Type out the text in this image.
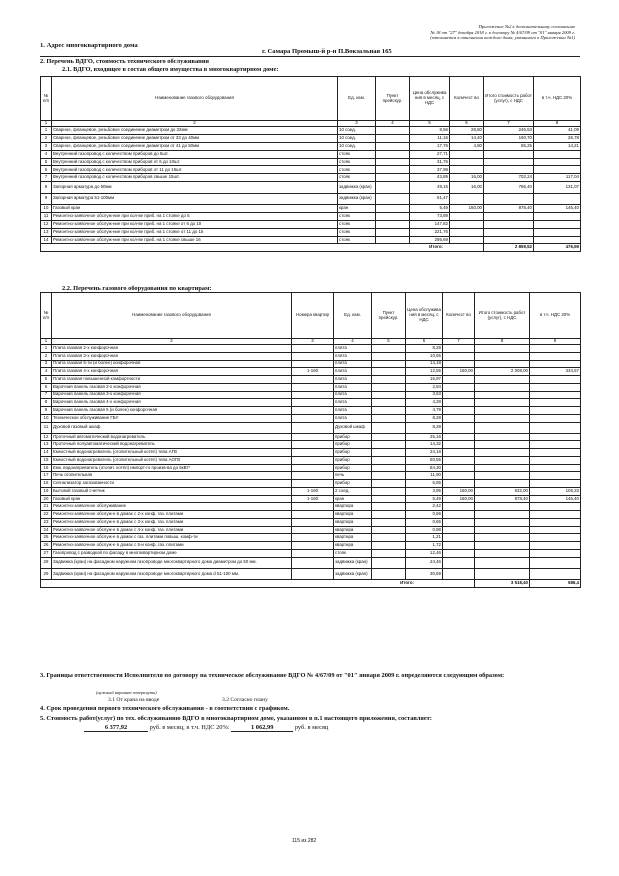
Приложение №2 к дополнительному соглашению
№ 18 от "27" декабря 2018 г. к договору № 4/67/09 от "01" января 2009 г.
(заполняется в отношении каждого дома, указанного в Приложении №1)
1. Адрес многоквартирного дома
г. Самара Промыш-й р-н П.Вокзальная 165
2. Перечень ВДГО, стоимость технического обслуживания
2.1. ВДГО, входящее в состав общего имущества в многоквартирном доме:
№ п/п	Наименование газового оборудования	Ед. изм.	Пункт прейскур.	Цена обслужива ния в месяц, с НДС	Количест во	Итого стоимость работ (услуг), с НДС	в т.ч. НДС 20%
1	2	3	4	5	6	7	8
1	Сварное, фланцевое, резьбовое соединение диаметром до 32мм	10 соед.		8,56	28,80	246,53	41,09
2	Сварное, фланцевое, резьбовое соединение диаметром от 33 до 40мм	10 соед.		11,16	14,40	160,70	26,78
3	Сварное, фланцевое, резьбовое соединение диаметром от 41 до 50мм	10 соед.		17,76	4,80	85,25	14,21
4	Внутренний газопровод с количеством приборов до 5шт.	стояк		27,71			
5	Внутренний газопровод с количеством приборов от 6 до 10шт.	стояк		31,76			
6	Внутренний газопровод с количеством приборов от 11 до 15шт.	стояк		37,99			
7	Внутренний газопровод с количеством приборов свыше 15шт.	стояк		43,89	16,00	702,24	117,04
8	Запорная арматура до 50мм	задвижка (кран)		49,15	16,00	786,40	131,07
9	Запорная арматура 51-100мм	задвижка (кран)		61,47			
10	Газовый кран	кран		5,49	160,00	878,40	146,40
11	Ремонтно-заявочное обслуж-ние при кол-ве приб. на 1 стояке до 5	стояк		73,89			
12	Ремонтно-заявочное обслуж-ние при кол-ве приб. на 1 стояке от 6 до 10	стояк		147,82			
13	Ремонтно-заявочное обслуж-ние при кол-ве приб. на 1 стояке от 11 до 15	стояк		221,76			
14	Ремонтно-заявочное обслуж-ние при кол-ве приб. на 1 стояке свыше 16	стояк		295,69			
Итого:						2 859,52	476,59
2.2. Перечень газового оборудования по квартирам:
№ п/п	Наименование газового оборудования	Номера квартир	Ед. изм.	Пункт прейскур.	Цена обслужива ния в месяц, с НДС	Количест во	Итого стоимость работ (услуг), с НДС	в т.ч. НДС 20%
1	2	3	4	5	6	7	8	9
1	Плита газовая 2-х конфорочная		плита		8,28			
2	Плита газовая 3-х конфорочная		плита		10,65			
3	Плита газовая 5-ти (и более) конфорочная		плита		14,18			
4	Плита газовая 4-х конфорочная	1-160	плита		12,55	160,00	2 008,00	334,67
5	Плита газовая повышенной комфортности		плита		16,97			
6	Варочная панель газовая 2-х конфорочная		плита		2,84			
7	Варочная панель газовая 3-х конфорочная		плита		3,63			
8	Варочная панель газовая 4-х конфорочная		плита		4,28			
9	Варочная панель газовая 5 (и более) конфорочная		плита		4,79			
10	Техническое обслуживание ГБУ		плита		8,28			
11	Духовой газовый шкаф		Духовой шкаф		8,28			
12	Проточный автоматический водонагреватель		прибор		25,16			
13	Проточный полуавтоматический водонагреватель		прибор		14,32			
14	Емкостный водонагреватель (отопительный котёл) типа АГВ		прибор		24,18			
15	Емкостный водонагреватель (отопительный котёл) типа АОГВ		прибор		50,55			
16	Емк. водонагреватель (отопит. котёл) импорт-го произв-ва до 6кВт*		прибор		84,30			
17	Печь отопительная		печь		11,90			
18	Сигнализатор загазованности		прибор		6,85			
19	Бытовой газовый счетчик	1-160	2 соед.		3,95	160,00	632,00	105,33
20	Газовый кран	1-160	кран		5,49	160,00	878,40	146,40
21	Ремонтно-заявочное обслуживание		квартира		2,42			
22	Ремонтно-заявочное обслуж-е в домах с 2-х конф. газ. плитами		квартира		0,56			
23	Ремонтно-заявочное обслуж-е в домах с 3-х конф. газ. плитами		квартира		0,65			
24	Ремонтно-заявочное обслуж-е в домах с 4-х конф. газ. плитами		квартира		0,88			
25	Ремонтно-заявочное обслуж-е в домах с газ. плитами повыш. комф-ти		квартира		1,21			
26	Ремонтно-заявочное обслуж-е в домах с 5-и конф. газ. плитами		квартира		1,72			
27	Газопровод с разводкой по фасаду в многоквартирном доме		стояк		12,46			
28	Задвижка (кран) на фасадном наружном газопроводе многоквартирного дома диаметром до 50 мм.		задвижка (кран)		24,46			
29	Задвижка (кран) на фасадном наружном газопроводе многоквартирного дома d 51-100 мм.		задвижка (кран)		30,69			
Итого:							3 518,40	586,4
3. Границы ответственности Исполнителя по договору на техническое обслуживание ВДГО № 4/67/09 от "01" января 2009 г. определяются следующим образом:
(нужный вариант зачеркнуть)
3.1 От крана на вводе	3.2 Согласно плану
4. Срок проведения первого технического обслуживания - в соответствии с графиком.
5. Стоимость работ(услуг) по тех. обслуживанию ВДГО в многоквартирном доме, указанном в п.1 настоящего приложения, составляет:
6 377,92	руб. в месяц, в т.ч. НДС 20%:	1 062,99	руб. в месяц
115 из 282
